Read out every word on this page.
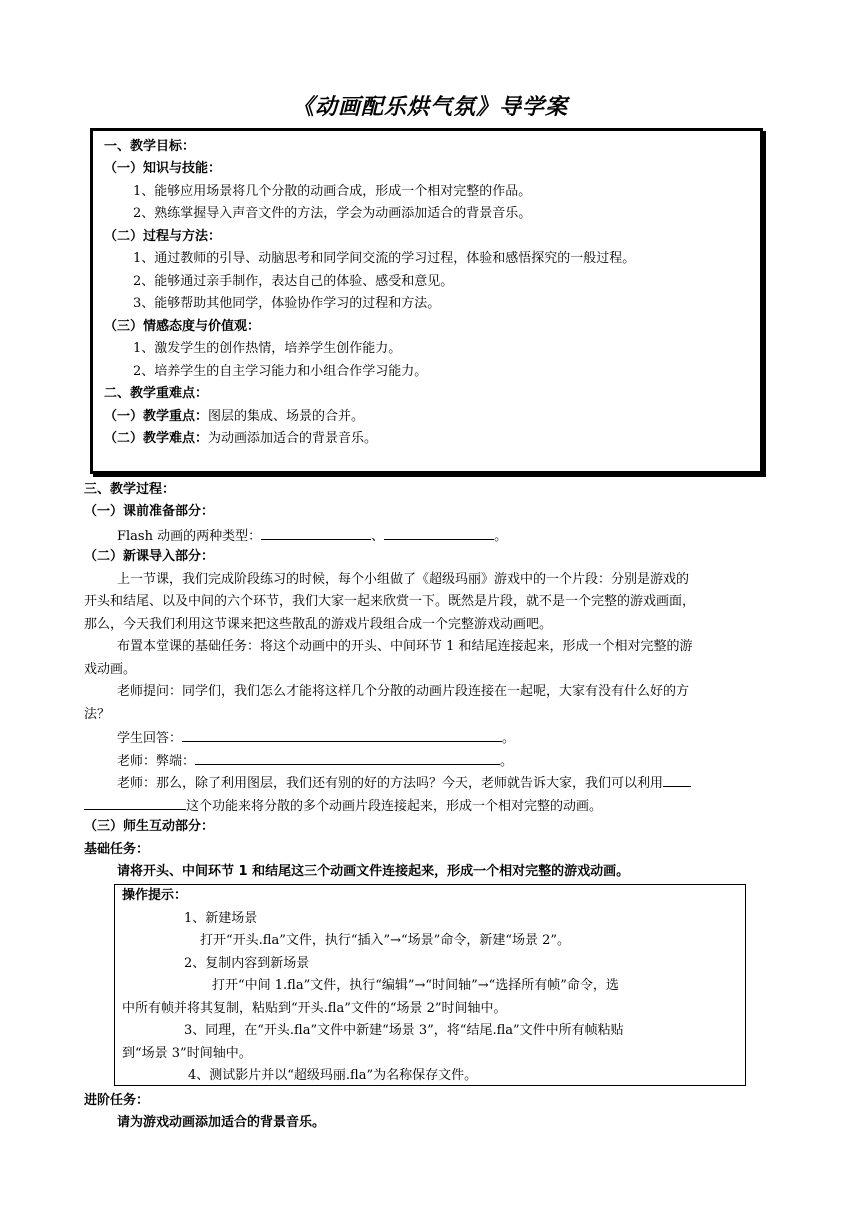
《动画配乐烘气氛》导学案
一、教学目标：
（一）知识与技能：
1、能够应用场景将几个分散的动画合成，形成一个相对完整的作品。
2、熟练掌握导入声音文件的方法，学会为动画添加适合的背景音乐。
（二）过程与方法：
1、通过教师的引导、动脑思考和同学间交流的学习过程，体验和感悟探究的一般过程。
2、能够通过亲手制作，表达自己的体验、感受和意见。
3、能够帮助其他同学，体验协作学习的过程和方法。
（三）情感态度与价值观：
1、激发学生的创作热情，培养学生创作能力。
2、培养学生的自主学习能力和小组合作学习能力。
二、教学重难点：
（一）教学重点：图层的集成、场景的合并。
（二）教学难点：为动画添加适合的背景音乐。
三、教学过程：
（一）课前准备部分：
Flash 动画的两种类型：	、	。
（二）新课导入部分：
上一节课，我们完成阶段练习的时候，每个小组做了《超级玛丽》游戏中的一个片段：分别是游戏的
开头和结尾、以及中间的六个环节，我们大家一起来欣赏一下。既然是片段，就不是一个完整的游戏画面，
那么，今天我们利用这节课来把这些散乱的游戏片段组合成一个完整游戏动画吧。
布置本堂课的基础任务：将这个动画中的开头、中间环节 1 和结尾连接起来，形成一个相对完整的游
戏动画。
老师提问：同学们，我们怎么才能将这样几个分散的动画片段连接在一起呢，大家有没有什么好的方
法？
学生回答：	。
老师：弊端：	。
老师：那么，除了利用图层，我们还有别的好的方法吗？今天，老师就告诉大家，我们可以利用
这个功能来将分散的多个动画片段连接起来，形成一个相对完整的动画。
（三）师生互动部分：
基础任务：
请将开头、中间环节 1 和结尾这三个动画文件连接起来，形成一个相对完整的游戏动画。
操作提示：
1、新建场景
打开“开头.fla”文件，执行“插入”→“场景”命令，新建“场景 2”。
2、复制内容到新场景
打开“中间 1.fla”文件，执行“编辑”→“时间轴”→“选择所有帧”命令，选
中所有帧并将其复制，粘贴到“开头.fla”文件的“场景 2”时间轴中。
3、同理，在“开头.fla”文件中新建“场景 3”，将“结尾.fla”文件中所有帧粘贴
到“场景 3”时间轴中。
4、测试影片并以“超级玛丽.fla”为名称保存文件。
进阶任务：
请为游戏动画添加适合的背景音乐。
